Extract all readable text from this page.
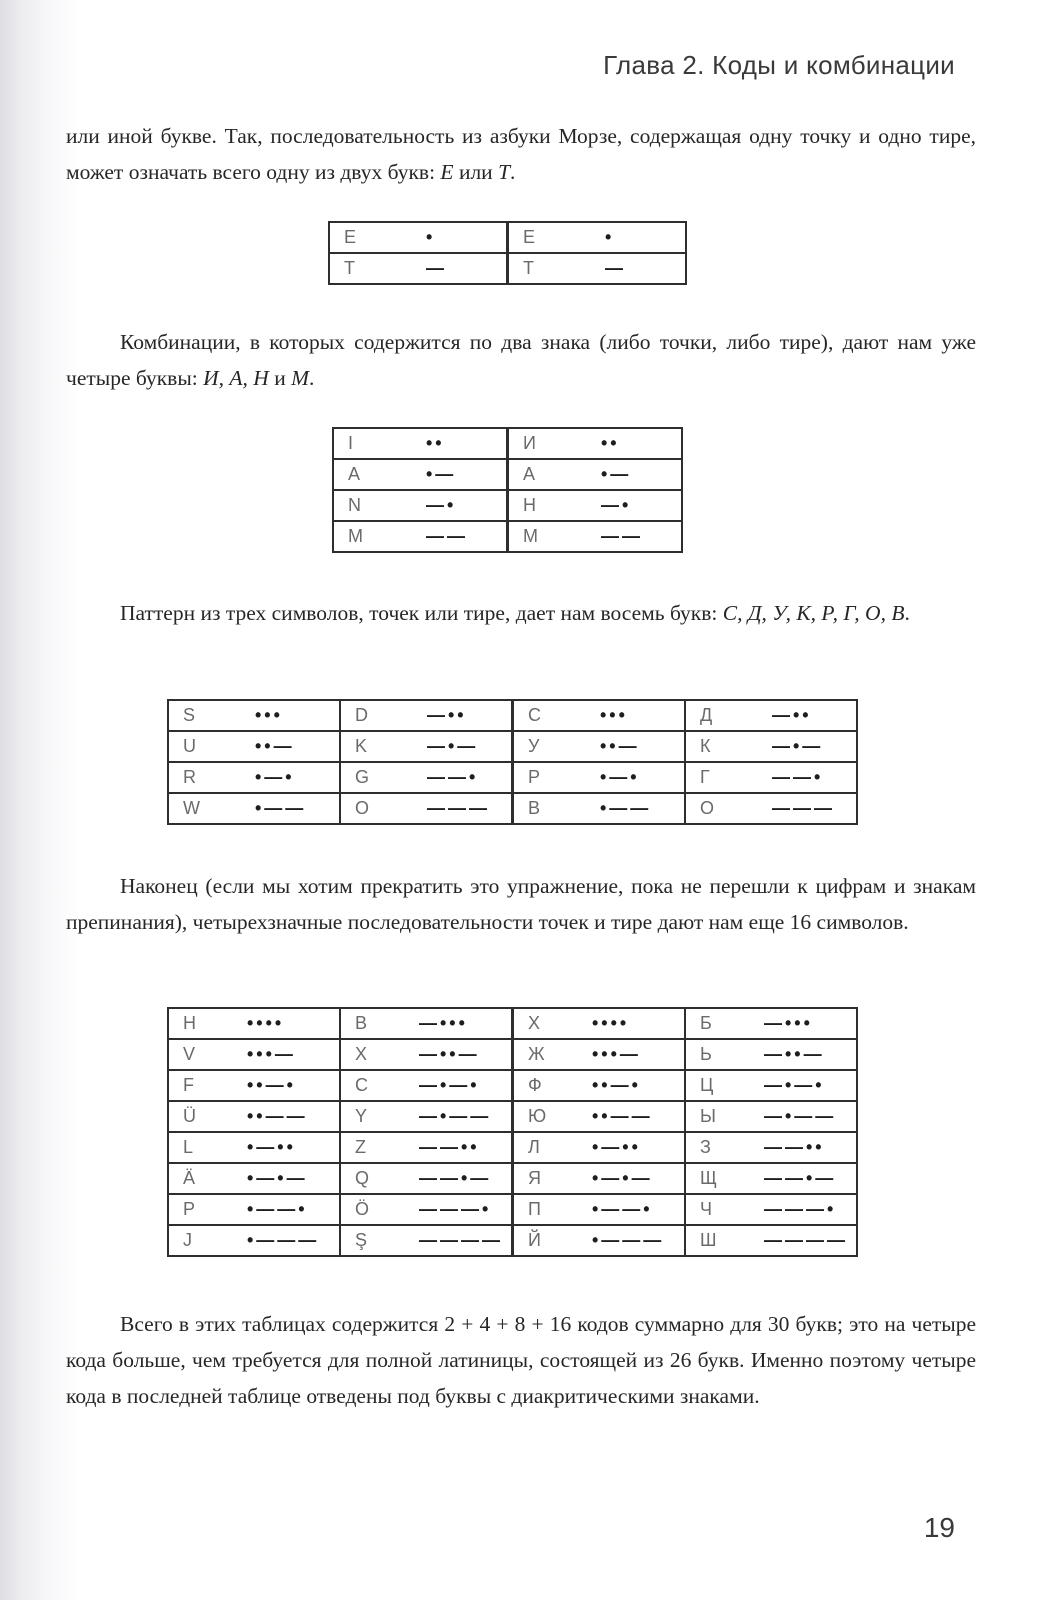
Глава 2. Коды и комбинации

или иной букве. Так, последовательность из азбуки Морзе, содержащая одну точку и одно тире, может означать всего одну из двух букв: E или T.

E •	E •

T —	T —

Комбинации, в которых содержится по два знака (либо точки, либо тире), дают нам уже четыре буквы: И, А, Н и М.

I ••	И ••

A •—	А •—

N —•	Н —•

M ——	М ——

Паттерн из трех символов, точек или тире, дает нам восемь букв: С, Д, У, К, Р, Г, О, В.

S •••	D —••	С •••	Д —••

U ••—	K —•—	У ••—	К —•—

R •—•	G ——•	Р •—•	Г ——•

W •——	O ———	В •——	О ———

Наконец (если мы хотим прекратить это упражнение, пока не перешли к цифрам и знакам препинания), четырехзначные последовательности точек и тире дают нам еще 16 символов.

H ••••	B —•••	Х ••••	Б —•••

V •••—	X —••—	Ж •••—	Ь —••—

F ••—•	C —•—•	Ф ••—•	Ц —•—•

Ü ••——	Y —•——	Ю ••——	Ы —•——

L •—••	Z ——••	Л •—••	З ——••

Ä •—•—	Q ——•—	Я •—•—	Щ ——•—

P •——•	Ö ———•	П •——•	Ч ———•

J •———	Ş ————	Й •———	Ш ————

Всего в этих таблицах содержится 2 + 4 + 8 + 16 кодов суммарно для 30 букв; это на четыре кода больше, чем требуется для полной латиницы, состоящей из 26 букв. Именно поэтому четыре кода в последней таблице отведены под буквы с диакритическими знаками.

19
